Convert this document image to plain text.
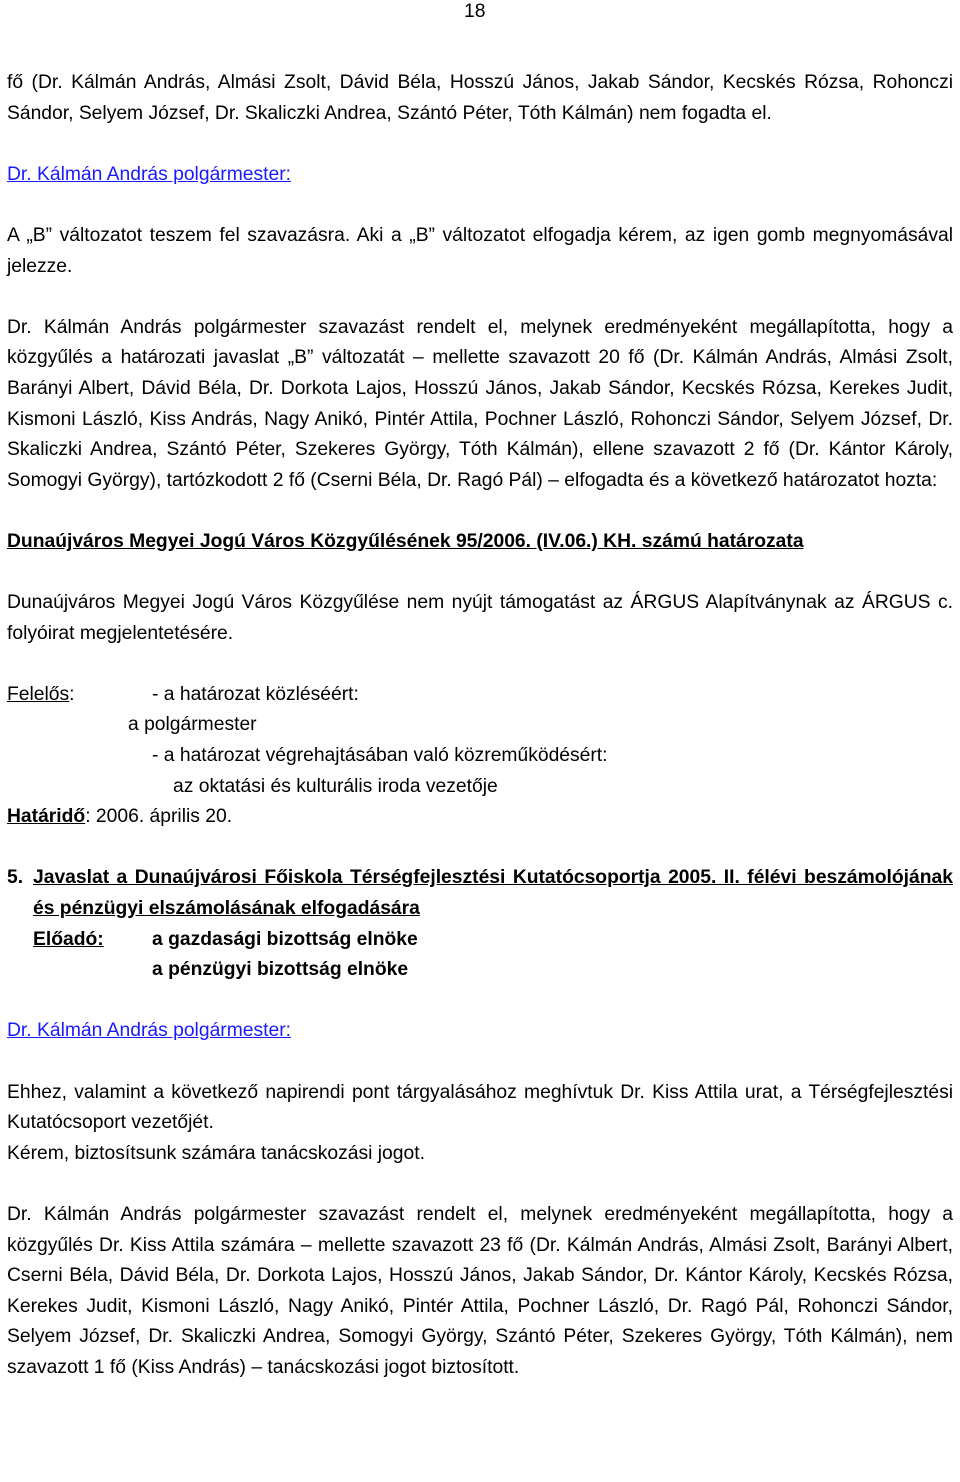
18

fő (Dr. Kálmán András, Almási Zsolt, Dávid Béla, Hosszú János, Jakab Sándor, Kecskés Rózsa, Rohonczi Sándor, Selyem József, Dr. Skaliczki Andrea, Szántó Péter, Tóth Kálmán) nem fogadta el.

Dr. Kálmán András polgármester:

A „B” változatot teszem fel szavazásra. Aki a „B” változatot elfogadja kérem, az igen gomb megnyomásával jelezze.

Dr. Kálmán András polgármester szavazást rendelt el, melynek eredményeként megállapította, hogy a közgyűlés a határozati javaslat „B” változatát – mellette szavazott 20 fő (Dr. Kálmán András, Almási Zsolt, Barányi Albert, Dávid Béla, Dr. Dorkota Lajos, Hosszú János, Jakab Sándor, Kecskés Rózsa, Kerekes Judit, Kismoni László, Kiss András, Nagy Anikó, Pintér Attila, Pochner László, Rohonczi Sándor, Selyem József, Dr. Skaliczki Andrea, Szántó Péter, Szekeres György, Tóth Kálmán), ellene szavazott 2 fő (Dr. Kántor Károly, Somogyi György), tartózkodott 2 fő (Cserni Béla, Dr. Ragó Pál) – elfogadta és a következő határozatot hozta:

Dunaújváros Megyei Jogú Város Közgyűlésének 95/2006. (IV.06.) KH. számú határozata

Dunaújváros Megyei Jogú Város Közgyűlése nem nyújt támogatást az ÁRGUS Alapítványnak az ÁRGUS c. folyóirat megjelentetésére.

Felelős:	- a határozat közléséért:
a polgármester
- a határozat végrehajtásában való közreműködésért:
az oktatási és kulturális iroda vezetője
Határidő: 2006. április 20.
5. Javaslat a Dunaújvárosi Főiskola Térségfejlesztési Kutatócsoportja 2005. II. félévi beszámolójának és pénzügyi elszámolásának elfogadására

Előadó:	a gazdasági bizottság elnöke
a pénzügyi bizottság elnöke

Dr. Kálmán András polgármester:

Ehhez, valamint a következő napirendi pont tárgyalásához meghívtuk Dr. Kiss Attila urat, a Térségfejlesztési Kutatócsoport vezetőjét.

Kérem, biztosítsunk számára tanácskozási jogot.

Dr. Kálmán András polgármester szavazást rendelt el, melynek eredményeként megállapította, hogy a közgyűlés Dr. Kiss Attila számára – mellette szavazott 23 fő (Dr. Kálmán András, Almási Zsolt, Barányi Albert, Cserni Béla, Dávid Béla, Dr. Dorkota Lajos, Hosszú János, Jakab Sándor, Dr. Kántor Károly, Kecskés Rózsa, Kerekes Judit, Kismoni László, Nagy Anikó, Pintér Attila, Pochner László, Dr. Ragó Pál, Rohonczi Sándor, Selyem József, Dr. Skaliczki Andrea, Somogyi György, Szántó Péter, Szekeres György, Tóth Kálmán), nem szavazott 1 fő (Kiss András) – tanácskozási jogot biztosított.
